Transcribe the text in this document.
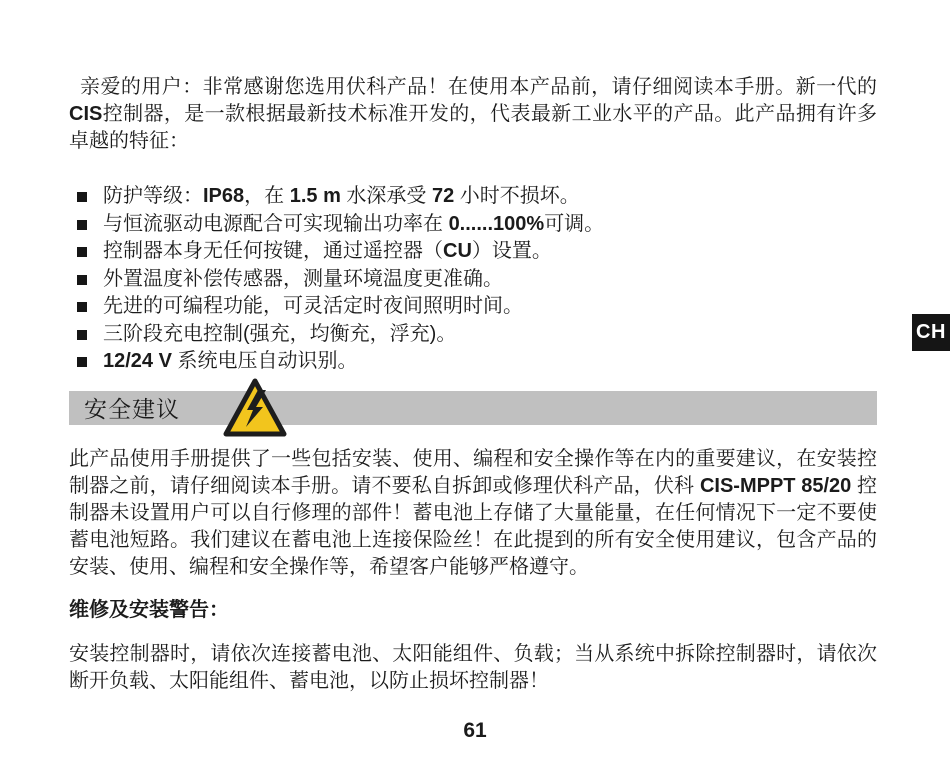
亲爱的用户：非常感谢您选用伏科产品！在使用本产品前，请仔细阅读本手册。新一代的CIS控制器，是一款根据最新技术标准开发的，代表最新工业水平的产品。此产品拥有许多卓越的特征：

防护等级：IP68，在 1.5 m 水深承受 72 小时不损坏。
与恒流驱动电源配合可实现输出功率在 0......100%可调。
控制器本身无任何按键，通过遥控器（CU）设置。
外置温度补偿传感器，测量环境温度更准确。
先进的可编程功能，可灵活定时夜间照明时间。
三阶段充电控制(强充，均衡充，浮充)。
12/24 V 系统电压自动识别。
安全建议

此产品使用手册提供了一些包括安装、使用、编程和安全操作等在内的重要建议，在安装控制器之前，请仔细阅读本手册。请不要私自拆卸或修理伏科产品，伏科 CIS-MPPT 85/20 控制器未设置用户可以自行修理的部件！蓄电池上存储了大量能量，在任何情况下一定不要使蓄电池短路。我们建议在蓄电池上连接保险丝！在此提到的所有安全使用建议，包含产品的安装、使用、编程和安全操作等，希望客户能够严格遵守。

维修及安装警告：

安装控制器时，请依次连接蓄电池、太阳能组件、负载；当从系统中拆除控制器时，请依次断开负载、太阳能组件、蓄电池，以防止损坏控制器！

CH
61
